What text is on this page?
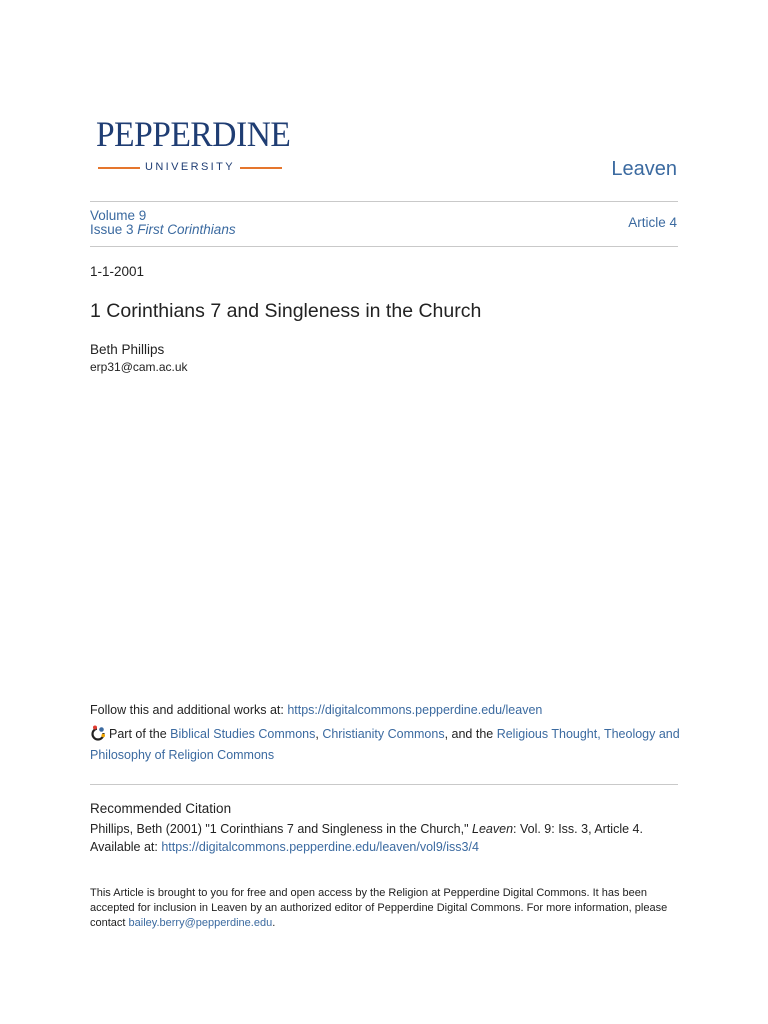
PEPPERDINE
UNIVERSITY	Leaven
Volume 9
Issue 3 First Corinthians	Article 4
1-1-2001
1 Corinthians 7 and Singleness in the Church
Beth Phillips
erp31@cam.ac.uk
Follow this and additional works at: https://digitalcommons.pepperdine.edu/leaven
Part of the Biblical Studies Commons, Christianity Commons, and the Religious Thought, Theology and Philosophy of Religion Commons
Recommended Citation
Phillips, Beth (2001) "1 Corinthians 7 and Singleness in the Church," Leaven: Vol. 9: Iss. 3, Article 4.
Available at: https://digitalcommons.pepperdine.edu/leaven/vol9/iss3/4
This Article is brought to you for free and open access by the Religion at Pepperdine Digital Commons. It has been accepted for inclusion in Leaven by an authorized editor of Pepperdine Digital Commons. For more information, please contact bailey.berry@pepperdine.edu.
